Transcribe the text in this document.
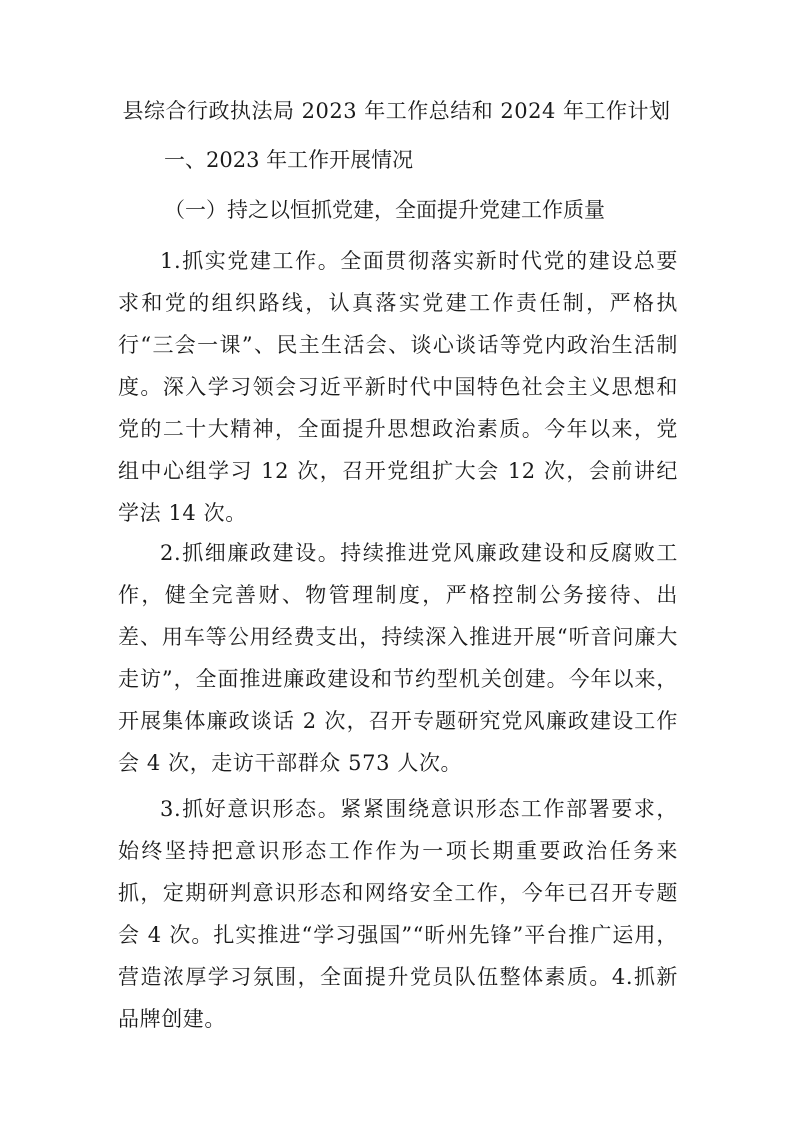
县综合行政执法局 2023 年工作总结和 2024 年工作计划
一、2023 年工作开展情况
（一）持之以恒抓党建，全面提升党建工作质量

1.抓实党建工作。全面贯彻落实新时代党的建设总要求和党的组织路线，认真落实党建工作责任制，严格执行“三会一课”、民主生活会、谈心谈话等党内政治生活制度。深入学习领会习近平新时代中国特色社会主义思想和党的二十大精神，全面提升思想政治素质。今年以来，党组中心组学习 12 次，召开党组扩大会 12 次，会前讲纪学法 14 次。

2.抓细廉政建设。持续推进党风廉政建设和反腐败工作，健全完善财、物管理制度，严格控制公务接待、出差、用车等公用经费支出，持续深入推进开展“听音问廉大走访”，全面推进廉政建设和节约型机关创建。今年以来，开展集体廉政谈话 2 次，召开专题研究党风廉政建设工作会 4 次，走访干部群众 573 人次。

3.抓好意识形态。紧紧围绕意识形态工作部署要求，始终坚持把意识形态工作作为一项长期重要政治任务来抓，定期研判意识形态和网络安全工作，今年已召开专题会 4 次。扎实推进“学习强国”“昕州先锋”平台推广运用，营造浓厚学习氛围，全面提升党员队伍整体素质。4.抓新品牌创建。
